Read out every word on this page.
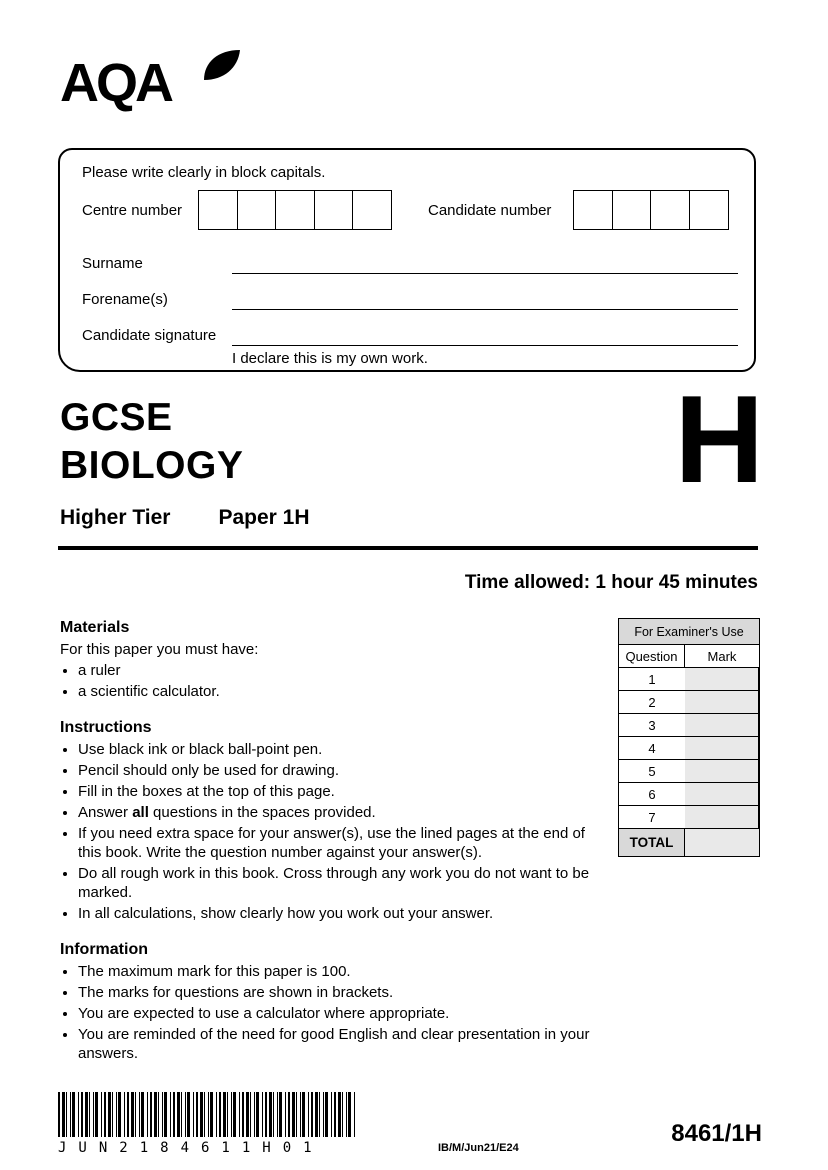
AQA
Please write clearly in block capitals.
Centre number	Candidate number
Surname
Forename(s)
Candidate signature
I declare this is my own work.
GCSE
BIOLOGY
Higher Tier Paper 1H
H
Time allowed: 1 hour 45 minutes
Materials

For this paper you must have:

• a ruler
• a scientific calculator.
Instructions
• Use black ink or black ball-point pen.
• Pencil should only be used for drawing.
• Fill in the boxes at the top of this page.
• Answer all questions in the spaces provided.
• If you need extra space for your answer(s), use the lined pages at the end of this book. Write the question number against your answer(s).
• Do all rough work in this book. Cross through any work you do not want to be marked.
• In all calculations, show clearly how you work out your answer.
Information
• The maximum mark for this paper is 100.
• The marks for questions are shown in brackets.
• You are expected to use a calculator where appropriate.
• You are reminded of the need for good English and clear presentation in your answers.
For Examiner's Use
Question	Mark
1
2
3
4
5
6
7
TOTAL
JUN2184611H01	IB/M/Jun21/E24
8461/1H
